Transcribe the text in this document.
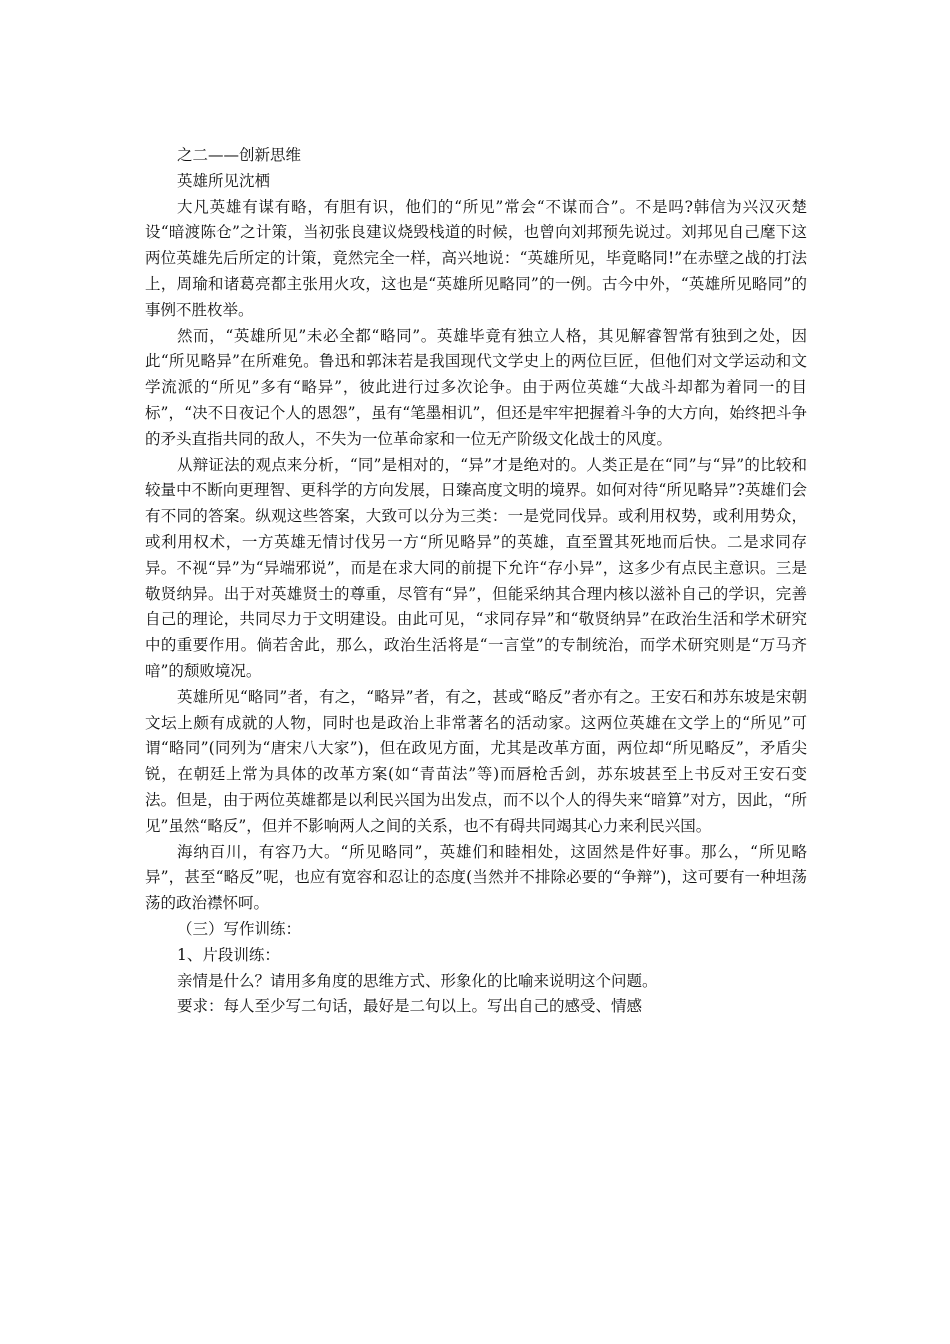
之二——创新思维

英雄所见沈栖

大凡英雄有谋有略，有胆有识，他们的“所见”常会“不谋而合”。不是吗?韩信为兴汉灭楚设“暗渡陈仓”之计策，当初张良建议烧毁栈道的时候，也曾向刘邦预先说过。刘邦见自己麾下这两位英雄先后所定的计策，竟然完全一样，高兴地说：“英雄所见，毕竟略同!”在赤壁之战的打法上，周瑜和诸葛亮都主张用火攻，这也是“英雄所见略同”的一例。古今中外，“英雄所见略同”的事例不胜枚举。

然而，“英雄所见”未必全都“略同”。英雄毕竟有独立人格，其见解睿智常有独到之处，因此“所见略异”在所难免。鲁迅和郭沫若是我国现代文学史上的两位巨匠，但他们对文学运动和文学流派的“所见”多有“略异”，彼此进行过多次论争。由于两位英雄“大战斗却都为着同一的目标”，“决不日夜记个人的恩怨”，虽有“笔墨相讥”，但还是牢牢把握着斗争的大方向，始终把斗争的矛头直指共同的敌人，不失为一位革命家和一位无产阶级文化战士的风度。

从辩证法的观点来分析，“同”是相对的，“异”才是绝对的。人类正是在“同”与“异”的比较和较量中不断向更理智、更科学的方向发展，日臻高度文明的境界。如何对待“所见略异”?英雄们会有不同的答案。纵观这些答案，大致可以分为三类：一是党同伐异。或利用权势，或利用势众，或利用权术，一方英雄无情讨伐另一方“所见略异”的英雄，直至置其死地而后快。二是求同存异。不视“异”为“异端邪说”，而是在求大同的前提下允许“存小异”，这多少有点民主意识。三是敬贤纳异。出于对英雄贤士的尊重，尽管有“异”，但能采纳其合理内核以滋补自己的学识，完善自己的理论，共同尽力于文明建设。由此可见，“求同存异”和“敬贤纳异”在政治生活和学术研究中的重要作用。倘若舍此，那么，政治生活将是“一言堂”的专制统治，而学术研究则是“万马齐喑”的颓败境况。

英雄所见“略同”者，有之，“略异”者，有之，甚或“略反”者亦有之。王安石和苏东坡是宋朝文坛上颇有成就的人物，同时也是政治上非常著名的活动家。这两位英雄在文学上的“所见”可谓“略同”(同列为“唐宋八大家”)，但在政见方面，尤其是改革方面，两位却“所见略反”，矛盾尖锐，在朝廷上常为具体的改革方案(如“青苗法”等)而唇枪舌剑，苏东坡甚至上书反对王安石变法。但是，由于两位英雄都是以利民兴国为出发点，而不以个人的得失来“暗算”对方，因此，“所见”虽然“略反”，但并不影响两人之间的关系，也不有碍共同竭其心力来利民兴国。

海纳百川，有容乃大。“所见略同”，英雄们和睦相处，这固然是件好事。那么，“所见略异”，甚至“略反”呢，也应有宽容和忍让的态度(当然并不排除必要的“争辩”)，这可要有一种坦荡荡的政治襟怀呵。

（三）写作训练：

1、片段训练：

亲情是什么？请用多角度的思维方式、形象化的比喻来说明这个问题。

要求：每人至少写二句话，最好是二句以上。写出自己的感受、情感
